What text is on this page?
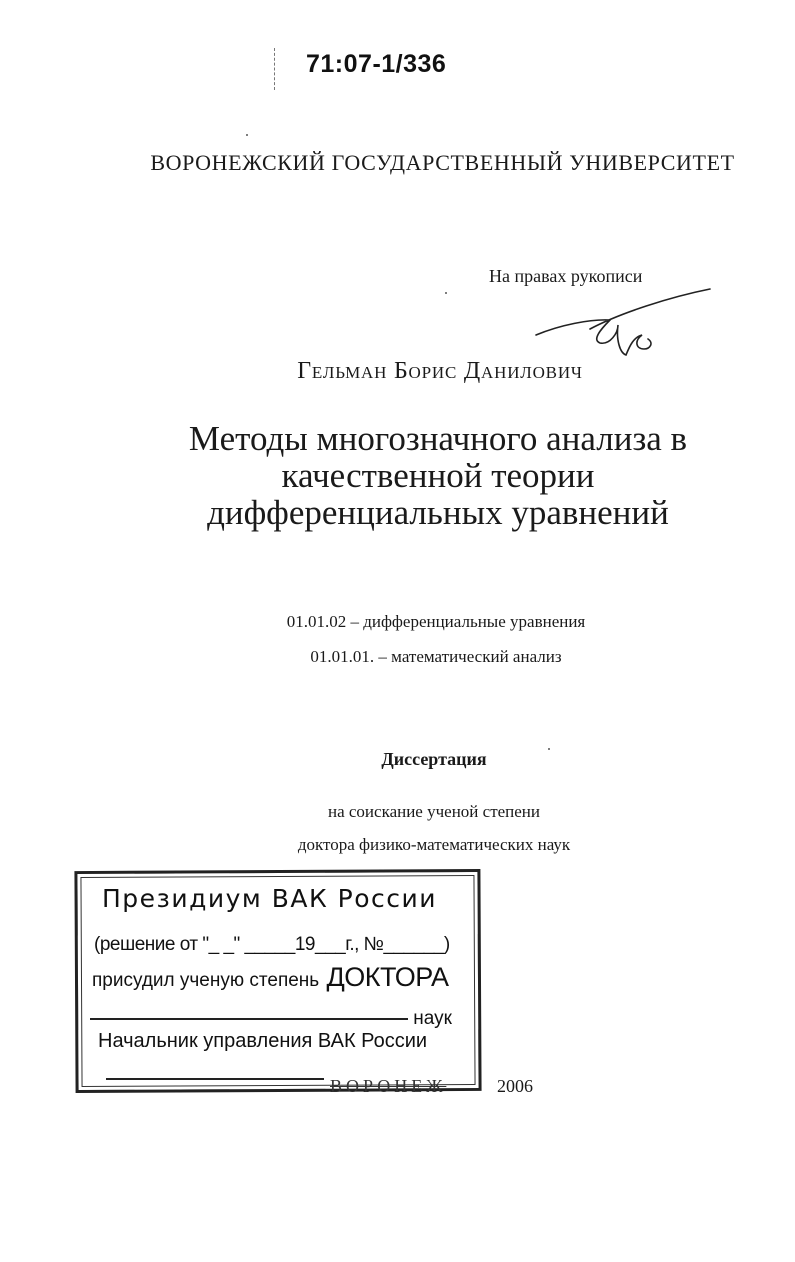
71:07-1/336
ВОРОНЕЖСКИЙ ГОСУДАРСТВЕННЫЙ УНИВЕРСИТЕТ
На правах рукописи
Гельман Борис Данилович
Методы многозначного анализа в
качественной теории
дифференциальных уравнений
01.01.02 – дифференциальные уравнения
01.01.01. – математический анализ
Диссертация
на соискание ученой степени
доктора физико-математических наук
Президиум ВАК России
(решение от "_ _" _____19___г., №______)
присудил ученую степень ДОКТОРА
наук
Начальник управления ВАК России
ВОРОНЕЖ	2006
